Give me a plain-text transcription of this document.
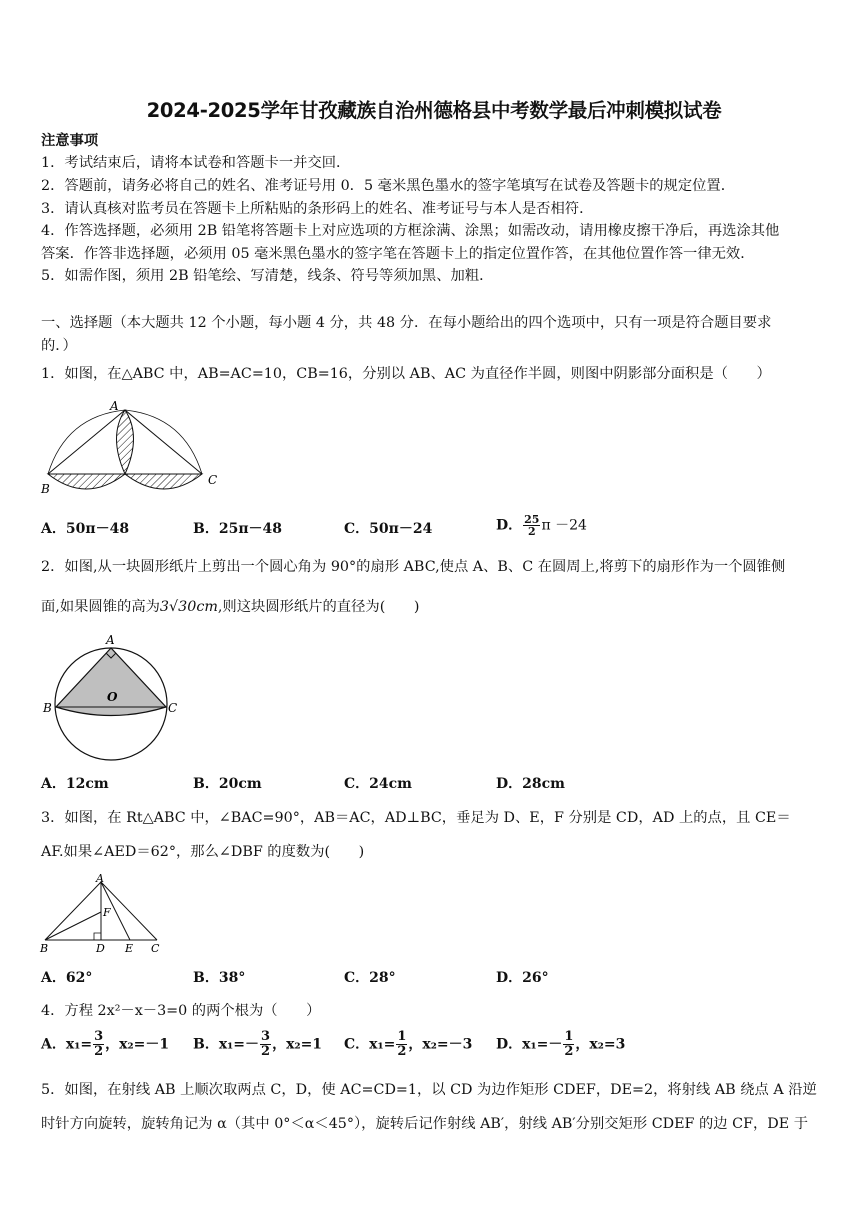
2024-2025学年甘孜藏族自治州德格县中考数学最后冲刺模拟试卷
注意事项
1．考试结束后，请将本试卷和答题卡一并交回．
2．答题前，请务必将自己的姓名、准考证号用 0．5 毫米黑色墨水的签字笔填写在试卷及答题卡的规定位置．
3．请认真核对监考员在答题卡上所粘贴的条形码上的姓名、准考证号与本人是否相符．
4．作答选择题，必须用 2B 铅笔将答题卡上对应选项的方框涂满、涂黑；如需改动，请用橡皮擦干净后，再选涂其他
答案．作答非选择题，必须用 05 毫米黑色墨水的签字笔在答题卡上的指定位置作答，在其他位置作答一律无效．
5．如需作图，须用 2B 铅笔绘、写清楚，线条、符号等须加黑、加粗．
一、选择题（本大题共 12 个小题，每小题 4 分，共 48 分．在每小题给出的四个选项中，只有一项是符合题目要求
的．）
1．如图，在△ABC 中，AB=AC=10，CB=16，分别以 AB、AC 为直径作半圆，则图中阴影部分面积是（　　）
A
B
C
A．50π－48	B．25π－48	C．50π－24	D． $\frac{25}{2}$ π －24
2．如图,从一块圆形纸片上剪出一个圆心角为 90°的扇形 ABC,使点 A、B、C 在圆周上,将剪下的扇形作为一个圆锥侧
面,如果圆锥的高为3√30cm,则这块圆形纸片的直径为(　　)
A
B	C
O
A．12cm	B．20cm	C．24cm	D．28cm
3．如图，在 Rt△ABC 中，∠BAC=90°，AB＝AC，AD⊥BC，垂足为 D、E，F 分别是 CD，AD 上的点，且 CE＝
AF.如果∠AED＝62°，那么∠DBF 的度数为(　　)
A
B	C
D E
F
A．62°	B．38°	C．28°	D．26°
4．方程 2x²－x－3=0 的两个根为（　　）
A．$x_1= \frac{3}{2}$ ，x₂=－1 B．$x_1=- \frac{3}{2}$ ，x₂=1 C．$x_1= \frac{1}{2}$ ，x₂=－3 D．$x_1=- \frac{1}{2}$ ，x₂=3
5．如图，在射线 AB 上顺次取两点 C，D，使 AC=CD=1，以 CD 为边作矩形 CDEF，DE=2，将射线 AB 绕点 A 沿逆
时针方向旋转，旋转角记为 α（其中 0°＜α＜45°），旋转后记作射线 AB′，射线 AB′分别交矩形 CDEF 的边 CF，DE 于
